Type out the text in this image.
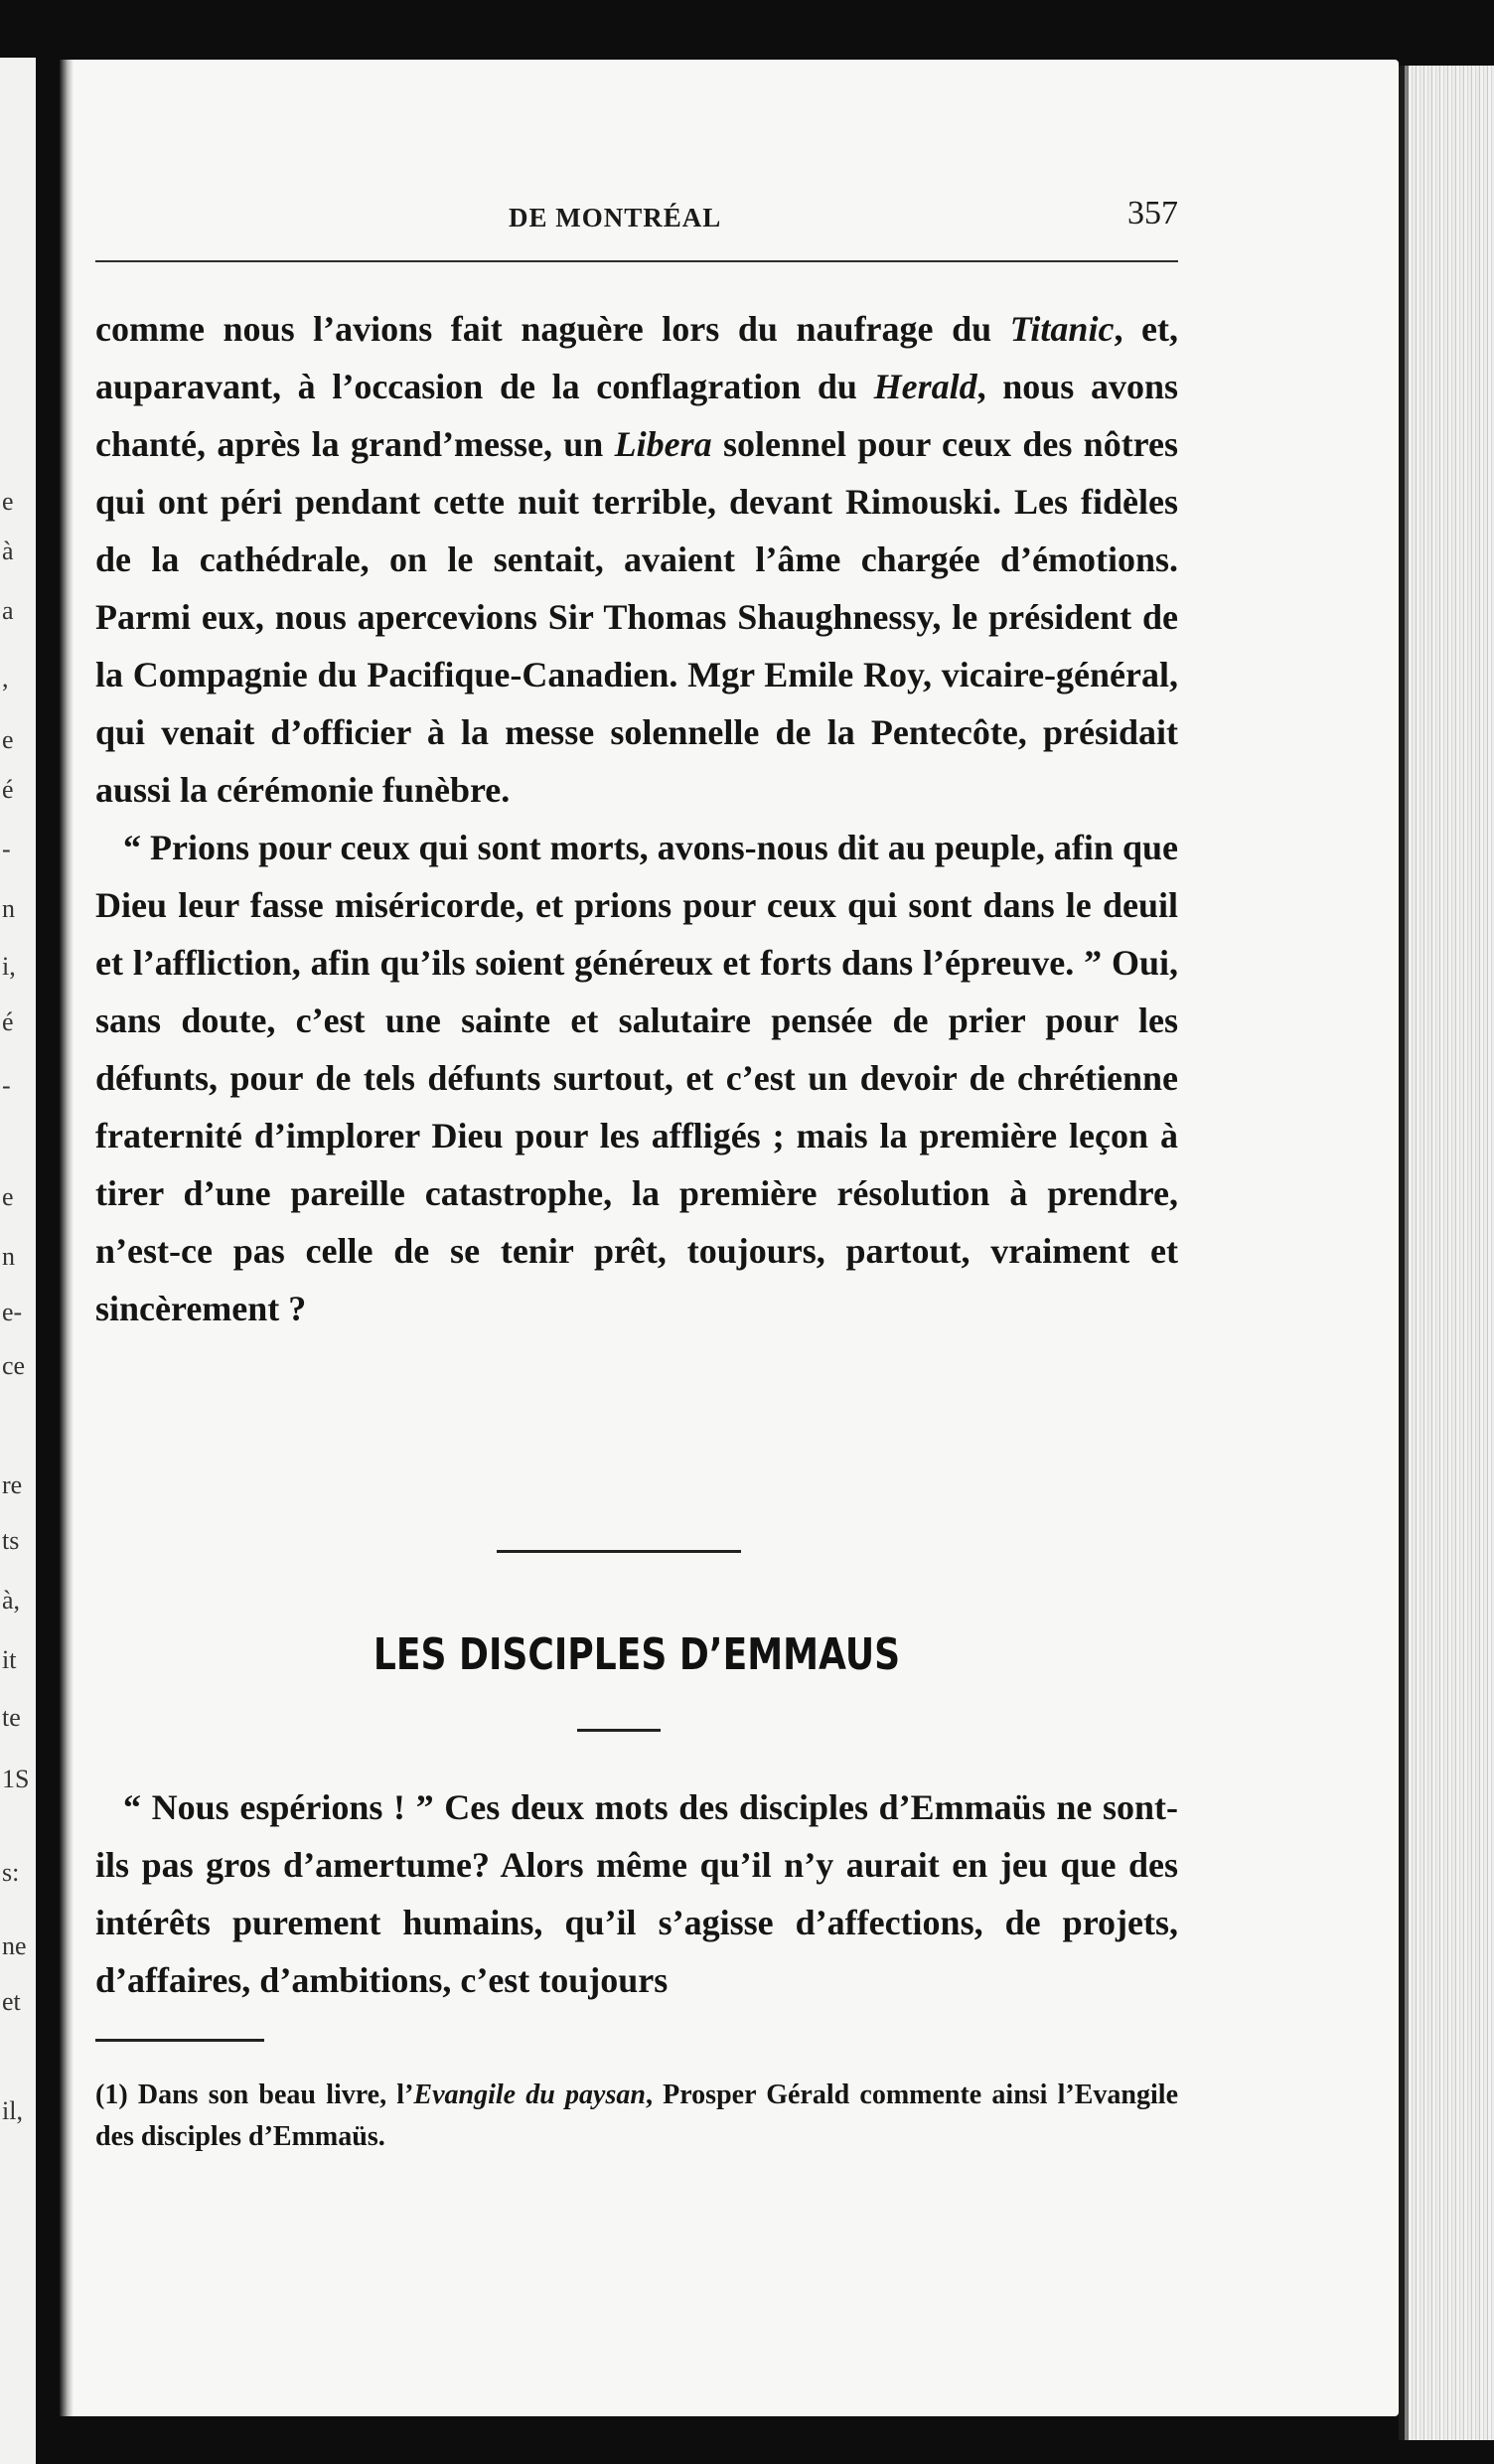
e
à
a
,
e
é
-
n
i,
é
-
e
n
e-
ce
re
ts
à,
it
te
1S
s:
ne
et
il,
DE MONTRÉAL	357

comme nous l’avions fait naguère lors du naufrage du Titanic, et, auparavant, à l’occasion de la conflagration du Herald, nous avons chanté, après la grand’messe, un Libera solennel pour ceux des nôtres qui ont péri pendant cette nuit terrible, devant Rimouski. Les fidèles de la cathédrale, on le sentait, avaient l’âme chargée d’émotions. Parmi eux, nous apercevions Sir Thomas Shaughnessy, le président de la Compagnie du Pacifique-Canadien. Mgr Emile Roy, vicaire-général, qui venait d’officier à la messe solennelle de la Pentecôte, présidait aussi la cérémonie funèbre.

“ Prions pour ceux qui sont morts, avons-nous dit au peuple, afin que Dieu leur fasse miséricorde, et prions pour ceux qui sont dans le deuil et l’affliction, afin qu’ils soient généreux et forts dans l’épreuve. ” Oui, sans doute, c’est une sainte et salutaire pensée de prier pour les défunts, pour de tels défunts surtout, et c’est un devoir de chrétienne fraternité d’implorer Dieu pour les affligés ; mais la première leçon à tirer d’une pareille catastrophe, la première résolution à prendre, n’est-ce pas celle de se tenir prêt, toujours, partout, vraiment et sincèrement ?

LES DISCIPLES D’EMMAUS

“ Nous espérions ! ” Ces deux mots des disciples d’Emmaüs ne sont-ils pas gros d’amertume? Alors même qu’il n’y aurait en jeu que des intérêts purement humains, qu’il s’agisse d’affections, de projets, d’affaires, d’ambitions, c’est toujours

(1) Dans son beau livre, l’Evangile du paysan, Prosper Gérald commente ainsi l’Evangile des disciples d’Emmaüs.
